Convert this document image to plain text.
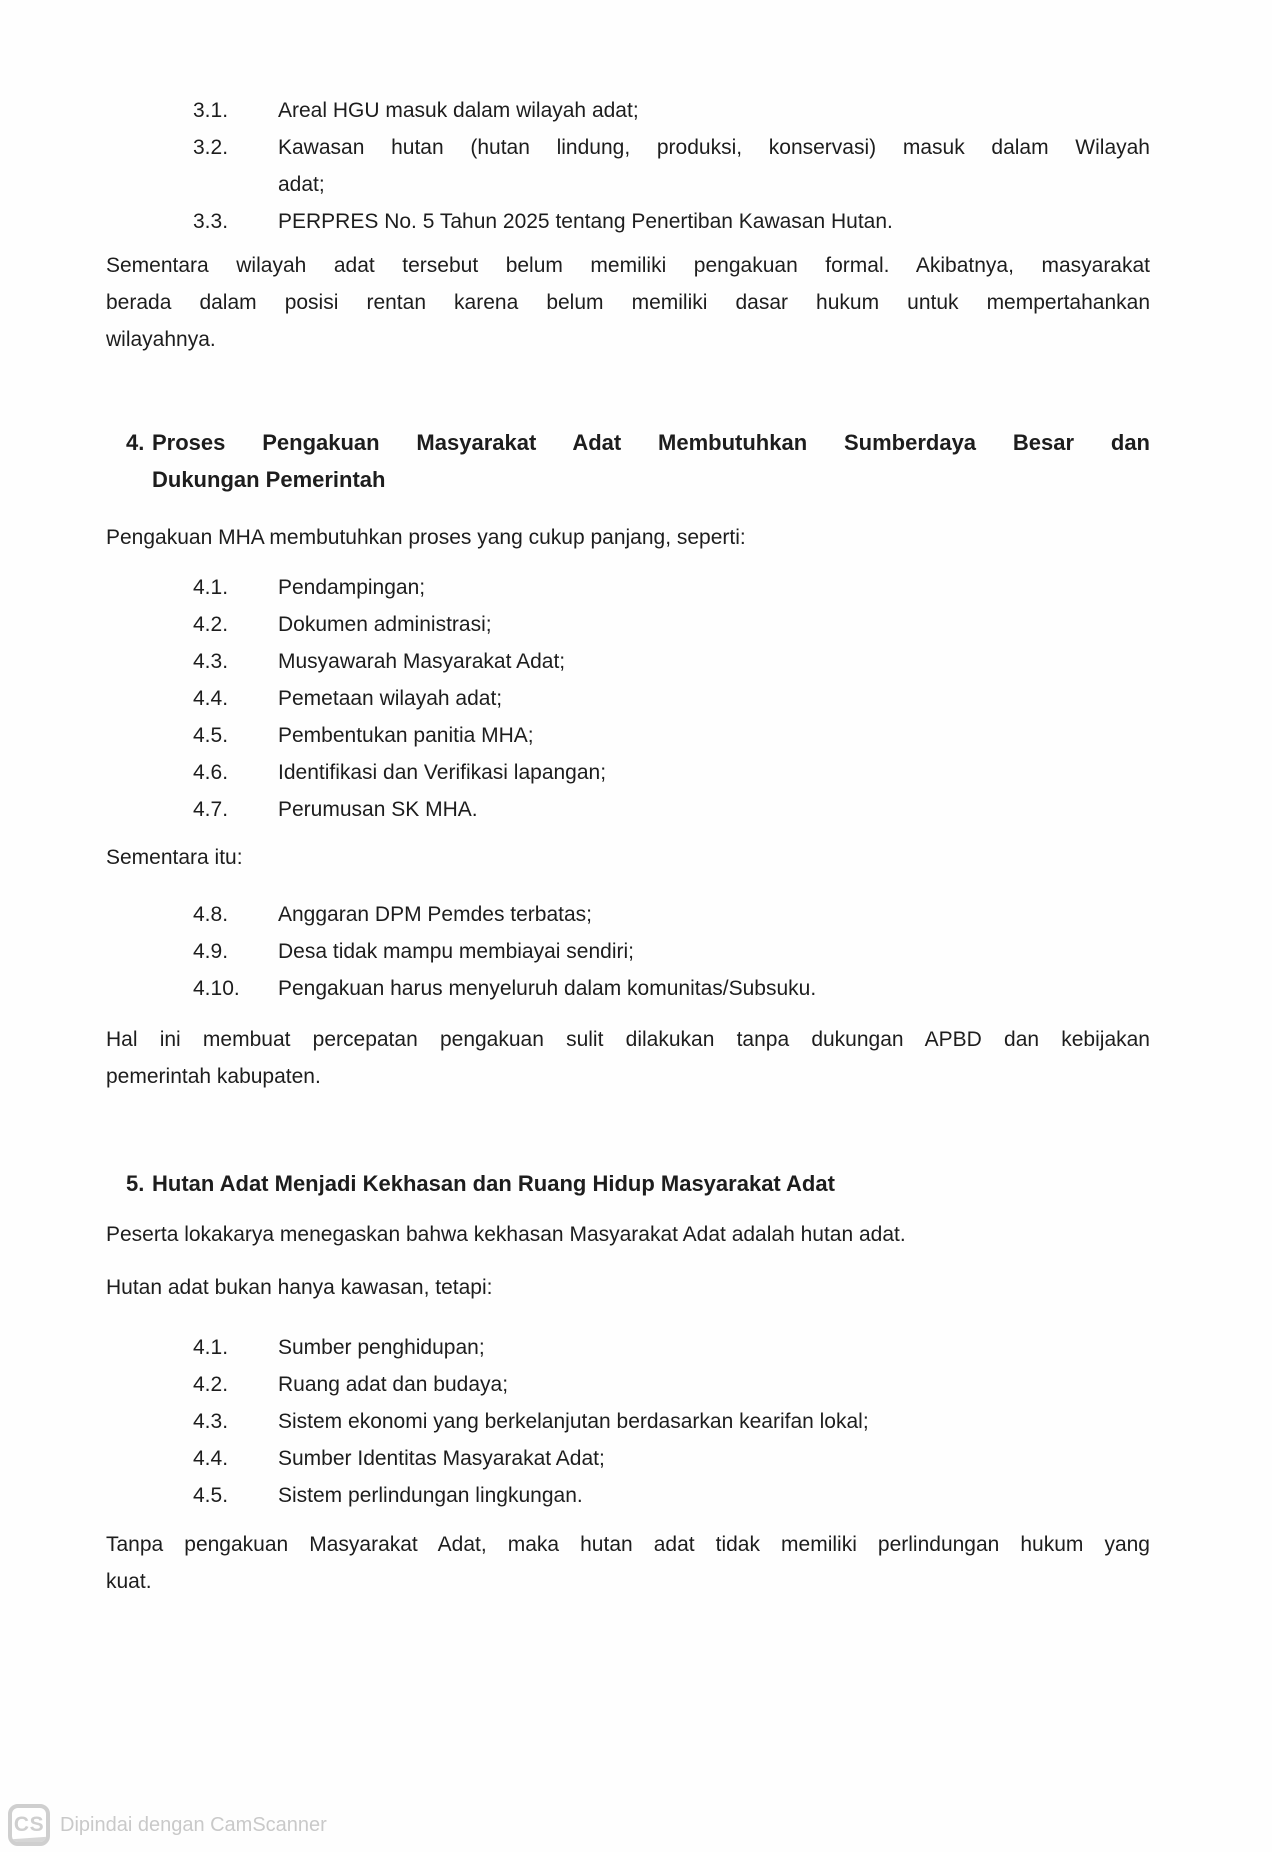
3.1.	Areal HGU masuk dalam wilayah adat;
3.2.	Kawasan hutan (hutan lindung, produksi, konservasi) masuk dalam Wilayah
adat;
3.3.	PERPRES No. 5 Tahun 2025 tentang Penertiban Kawasan Hutan.
Sementara wilayah adat tersebut belum memiliki pengakuan formal. Akibatnya, masyarakat
berada dalam posisi rentan karena belum memiliki dasar hukum untuk mempertahankan
wilayahnya.
4. Proses Pengakuan Masyarakat Adat Membutuhkan Sumberdaya Besar dan
Dukungan Pemerintah
Pengakuan MHA membutuhkan proses yang cukup panjang, seperti:
4.1.	Pendampingan;
4.2.	Dokumen administrasi;
4.3.	Musyawarah Masyarakat Adat;
4.4.	Pemetaan wilayah adat;
4.5.	Pembentukan panitia MHA;
4.6.	Identifikasi dan Verifikasi lapangan;
4.7.	Perumusan SK MHA.
Sementara itu:
4.8.	Anggaran DPM Pemdes terbatas;
4.9.	Desa tidak mampu membiayai sendiri;
4.10.	Pengakuan harus menyeluruh dalam komunitas/Subsuku.
Hal ini membuat percepatan pengakuan sulit dilakukan tanpa dukungan APBD dan kebijakan
pemerintah kabupaten.
5. Hutan Adat Menjadi Kekhasan dan Ruang Hidup Masyarakat Adat
Peserta lokakarya menegaskan bahwa kekhasan Masyarakat Adat adalah hutan adat.
Hutan adat bukan hanya kawasan, tetapi:
4.1.	Sumber penghidupan;
4.2.	Ruang adat dan budaya;
4.3.	Sistem ekonomi yang berkelanjutan berdasarkan kearifan lokal;
4.4.	Sumber Identitas Masyarakat Adat;
4.5.	Sistem perlindungan lingkungan.
Tanpa pengakuan Masyarakat Adat, maka hutan adat tidak memiliki perlindungan hukum yang
kuat.
CS Dipindai dengan CamScanner
